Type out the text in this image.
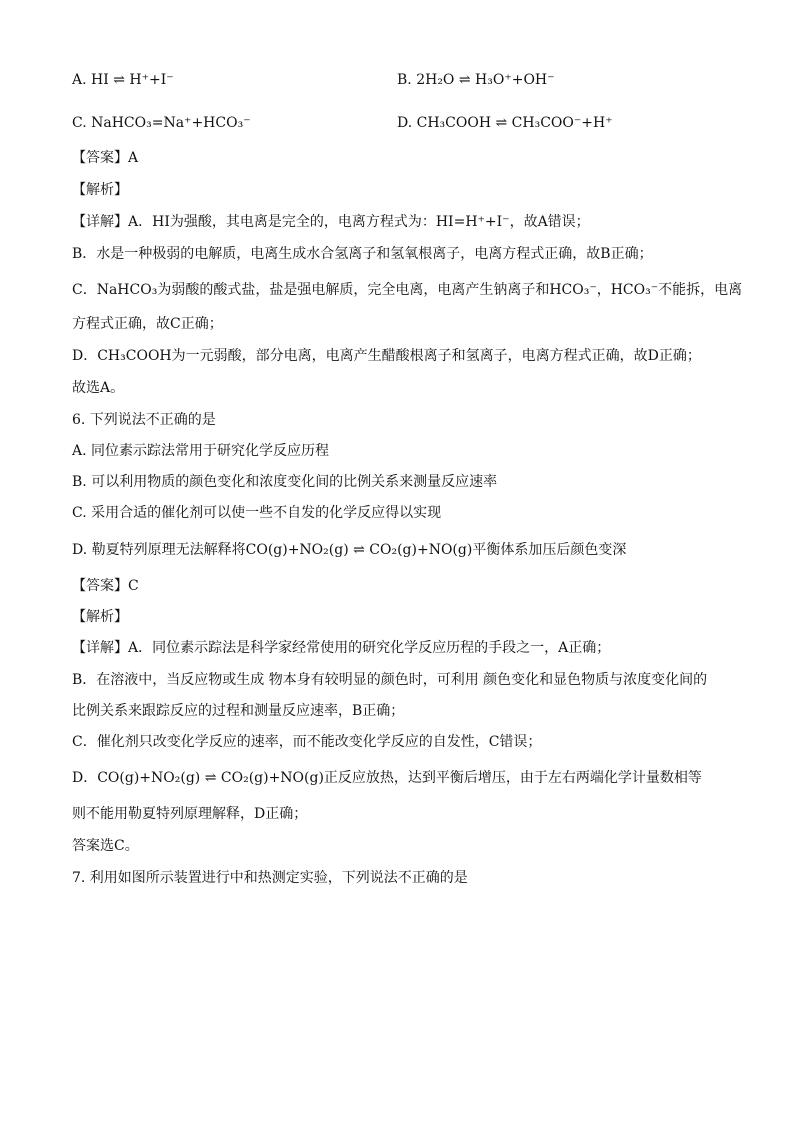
A. HI ⇌ H⁺+I⁻	B. 2H₂O ⇌ H₃O⁺+OH⁻
C. NaHCO₃=Na⁺+HCO₃⁻	D. CH₃COOH ⇌ CH₃COO⁻+H⁺
【答案】A
【解析】
【详解】A．HI为强酸，其电离是完全的，电离方程式为：HI=H⁺+I⁻，故A错误；
B．水是一种极弱的电解质，电离生成水合氢离子和氢氧根离子，电离方程式正确，故B正确；
C．NaHCO₃为弱酸的酸式盐，盐是强电解质，完全电离，电离产生钠离子和HCO₃⁻，HCO₃⁻不能拆，电离
方程式正确，故C正确；
D．CH₃COOH为一元弱酸，部分电离，电离产生醋酸根离子和氢离子，电离方程式正确，故D正确；
故选A。
6. 下列说法不正确的是
A. 同位素示踪法常用于研究化学反应历程
B. 可以利用物质的颜色变化和浓度变化间的比例关系来测量反应速率
C. 采用合适的催化剂可以使一些不自发的化学反应得以实现
D. 勒夏特列原理无法解释将CO(g)+NO₂(g) ⇌ CO₂(g)+NO(g)平衡体系加压后颜色变深
【答案】C
【解析】
【详解】A．同位素示踪法是科学家经常使用的研究化学反应历程的手段之一，A正确；
B．在溶液中，当反应物或生成 物本身有较明显的颜色时，可利用 颜色变化和显色物质与浓度变化间的
比例关系来跟踪反应的过程和测量反应速率，B正确；
C．催化剂只改变化学反应的速率，而不能改变化学反应的自发性，C错误；
D．CO(g)+NO₂(g) ⇌ CO₂(g)+NO(g)正反应放热，达到平衡后增压，由于左右两端化学计量数相等
则不能用勒夏特列原理解释，D正确；
答案选C。
7. 利用如图所示装置进行中和热测定实验，下列说法不正确的是
